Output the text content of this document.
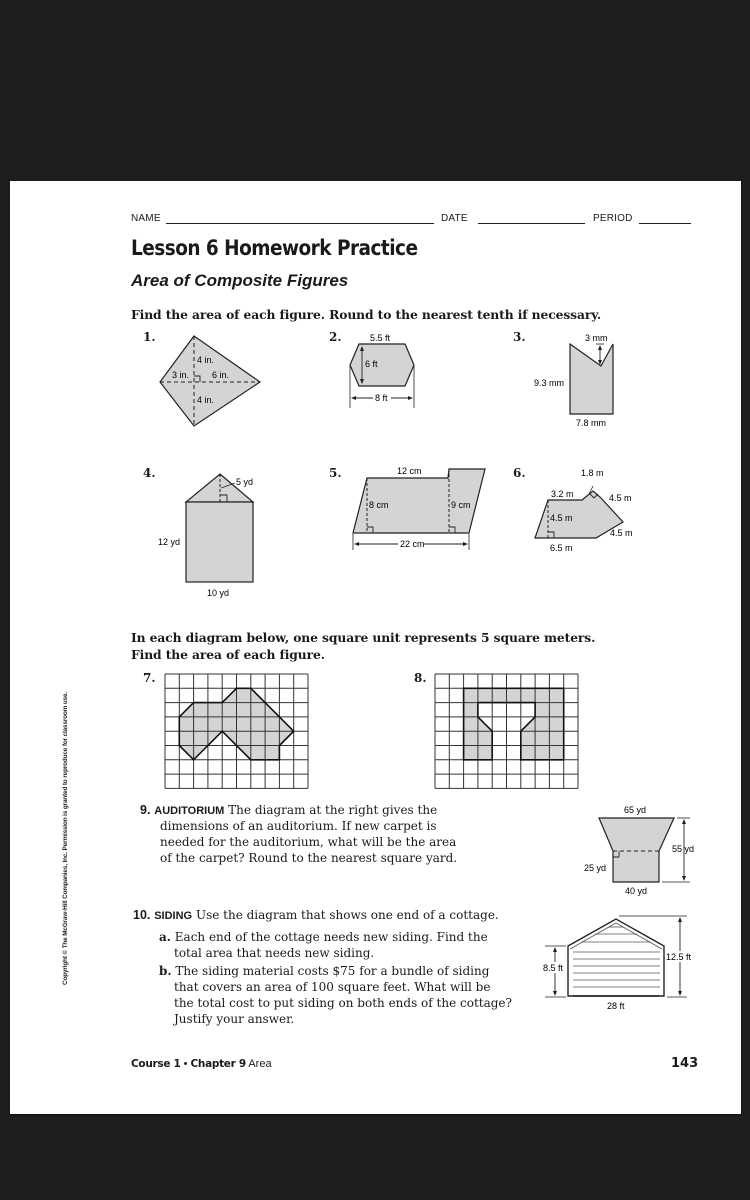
Copyright © The McGraw-Hill Companies, Inc. Permission is granted to reproduce for classroom use.
NAME	DATE	PERIOD
Lesson 6 Homework Practice
Area of Composite Figures
Find the area of each figure. Round to the nearest tenth if necessary.
1.	2.	3.
4 in.
3 in.	6 in.
4 in.
5.5 ft
6 ft
8 ft
3 mm
9.3 mm
7.8 mm
4.	5.	6.
5 yd
12 yd
10 yd
12 cm
8 cm	9 cm
22 cm
1.8 m
3.2 m	4.5 m
4.5 m
4.5 m
6.5 m
In each diagram below, one square unit represents 5 square meters.
Find the area of each figure.
7.	8.
9. AUDITORIUM The diagram at the right gives the
dimensions of an auditorium. If new carpet is
needed for the auditorium, what will be the area
of the carpet? Round to the nearest square yard.
65 yd
55 yd
25 yd
40 yd
10. SIDING Use the diagram that shows one end of a cottage.
a. Each end of the cottage needs new siding. Find the
total area that needs new siding.
b. The siding material costs $75 for a bundle of siding
that covers an area of 100 square feet. What will be
the total cost to put siding on both ends of the cottage?
Justify your answer.
8.5 ft
12.5 ft
28 ft
Course 1 • Chapter 9 Area	143
